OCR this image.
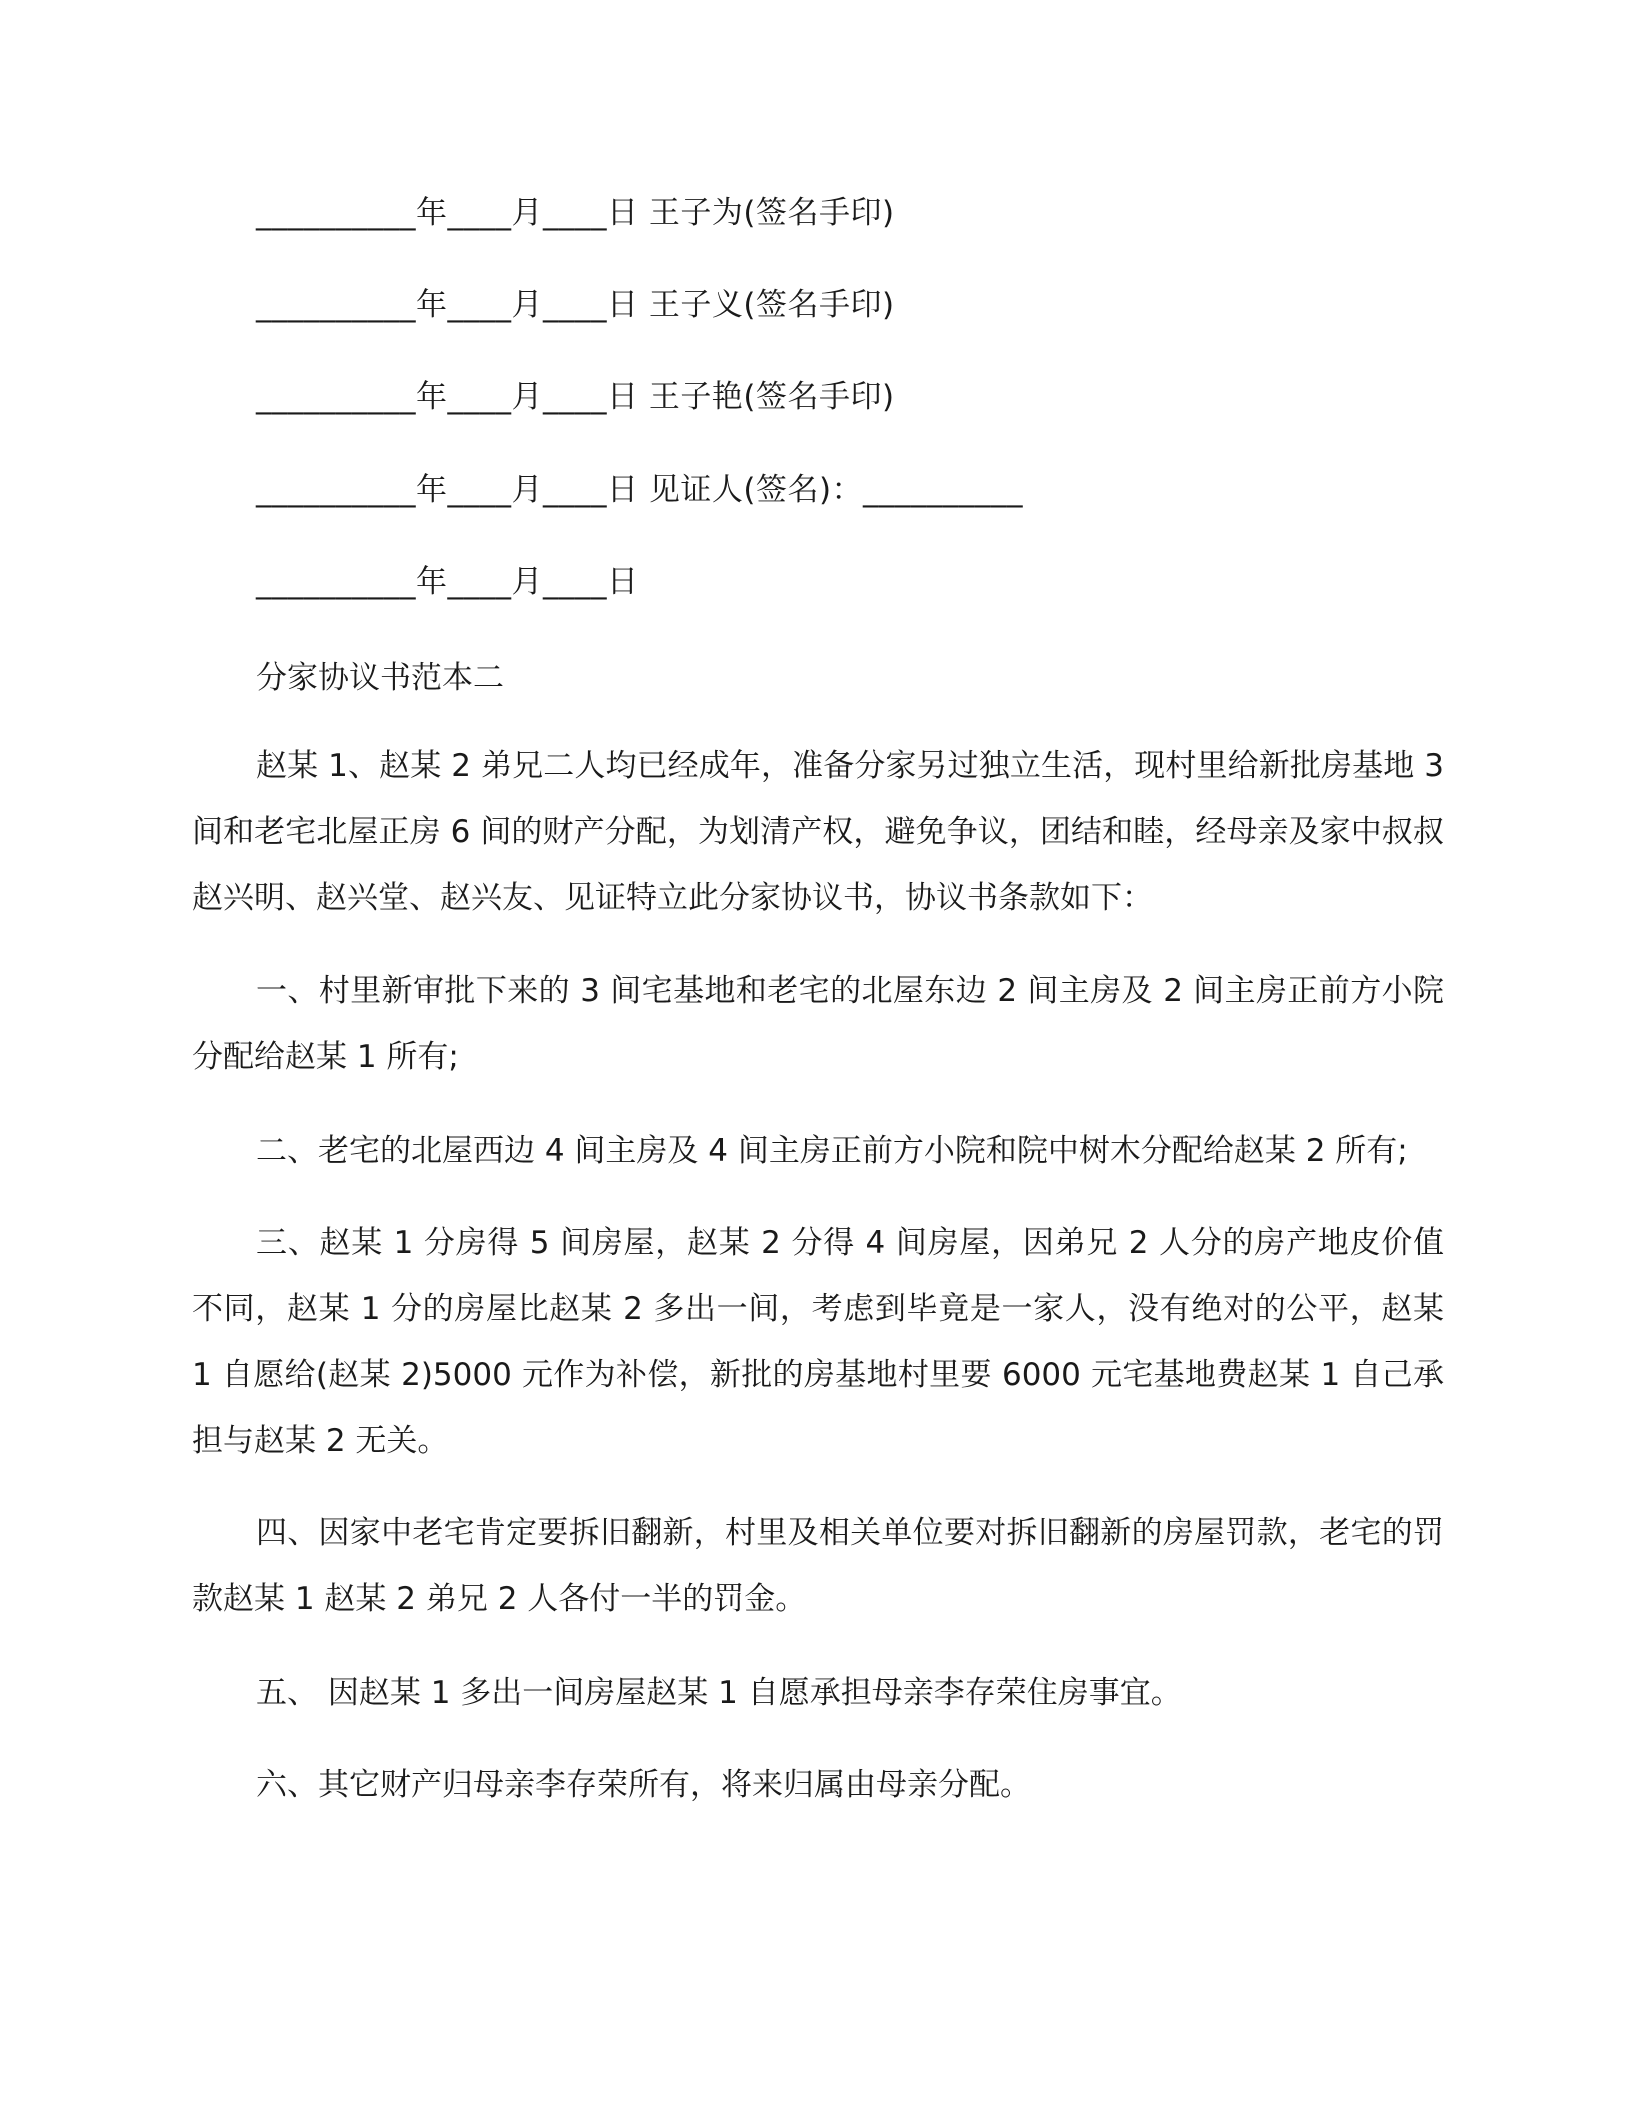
__________年____月____日 王子为(签名手印)
__________年____月____日 王子义(签名手印)
__________年____月____日 王子艳(签名手印)
__________年____月____日 见证人(签名)：__________
__________年____月____日
分家协议书范本二
赵某 1、赵某 2 弟兄二人均已经成年，准备分家另过独立生活，现村里给新批房基地 3 间和老宅北屋正房 6 间的财产分配，为划清产权，避免争议，团结和睦，经母亲及家中叔叔赵兴明、赵兴堂、赵兴友、见证特立此分家协议书，协议书条款如下：
一、村里新审批下来的 3 间宅基地和老宅的北屋东边 2 间主房及 2 间主房正前方小院分配给赵某 1 所有;
二、老宅的北屋西边 4 间主房及 4 间主房正前方小院和院中树木分配给赵某 2 所有;
三、赵某 1 分房得 5 间房屋，赵某 2 分得 4 间房屋，因弟兄 2 人分的房产地皮价值不同，赵某 1 分的房屋比赵某 2 多出一间，考虑到毕竟是一家人，没有绝对的公平，赵某 1 自愿给(赵某 2)5000 元作为补偿，新批的房基地村里要 6000 元宅基地费赵某 1 自己承担与赵某 2 无关。
四、因家中老宅肯定要拆旧翻新，村里及相关单位要对拆旧翻新的房屋罚款，老宅的罚款赵某 1 赵某 2 弟兄 2 人各付一半的罚金。
五、 因赵某 1 多出一间房屋赵某 1 自愿承担母亲李存荣住房事宜。
六、其它财产归母亲李存荣所有，将来归属由母亲分配。
